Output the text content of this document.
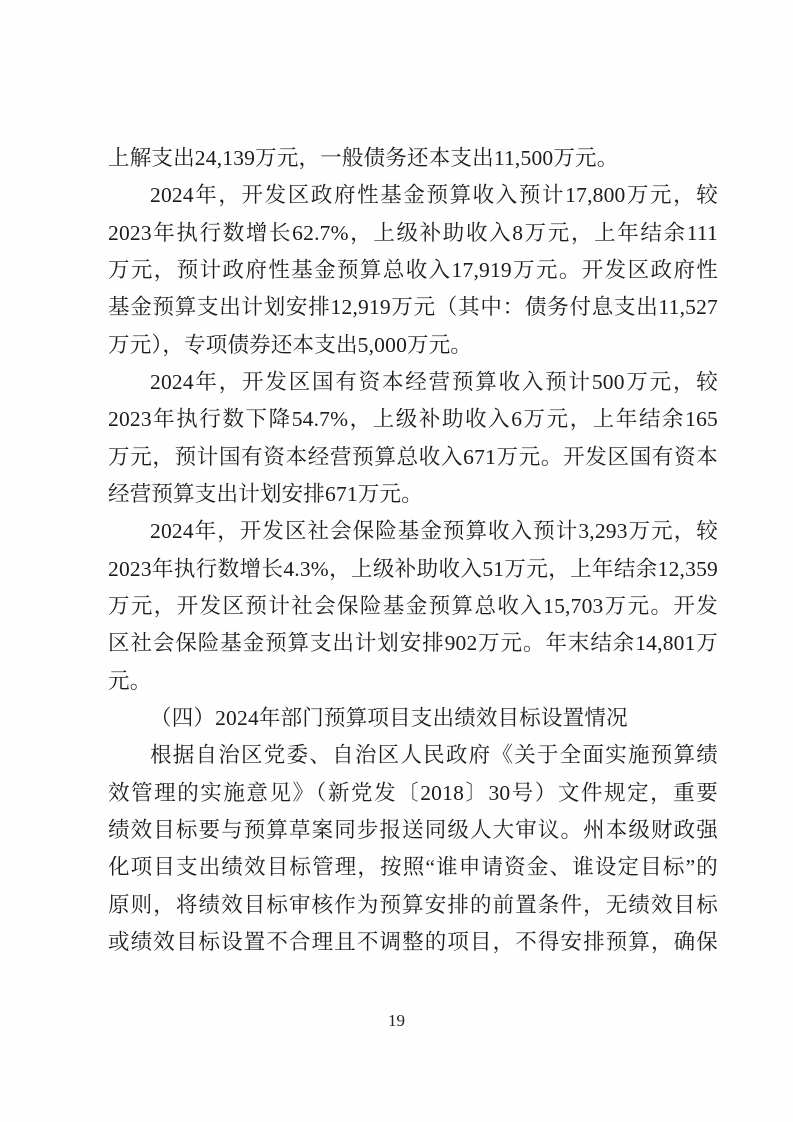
上解支出24,139万元，一般债务还本支出11,500万元。
2024年，开发区政府性基金预算收入预计17,800万元，较
2023年执行数增长62.7%，上级补助收入8万元，上年结余111
万元，预计政府性基金预算总收入17,919万元。开发区政府性
基金预算支出计划安排12,919万元（其中：债务付息支出11,527
万元），专项债券还本支出5,000万元。
2024年，开发区国有资本经营预算收入预计500万元，较
2023年执行数下降54.7%，上级补助收入6万元，上年结余165
万元，预计国有资本经营预算总收入671万元。开发区国有资本
经营预算支出计划安排671万元。
2024年，开发区社会保险基金预算收入预计3,293万元，较
2023年执行数增长4.3%，上级补助收入51万元，上年结余12,359
万元，开发区预计社会保险基金预算总收入15,703万元。开发
区社会保险基金预算支出计划安排902万元。年末结余14,801万
元。
（四）2024年部门预算项目支出绩效目标设置情况
根据自治区党委、自治区人民政府《关于全面实施预算绩
效管理的实施意见》（新党发〔2018〕30号）文件规定，重要
绩效目标要与预算草案同步报送同级人大审议。州本级财政强
化项目支出绩效目标管理，按照“谁申请资金、谁设定目标”的
原则，将绩效目标审核作为预算安排的前置条件，无绩效目标
或绩效目标设置不合理且不调整的项目，不得安排预算，确保
19
